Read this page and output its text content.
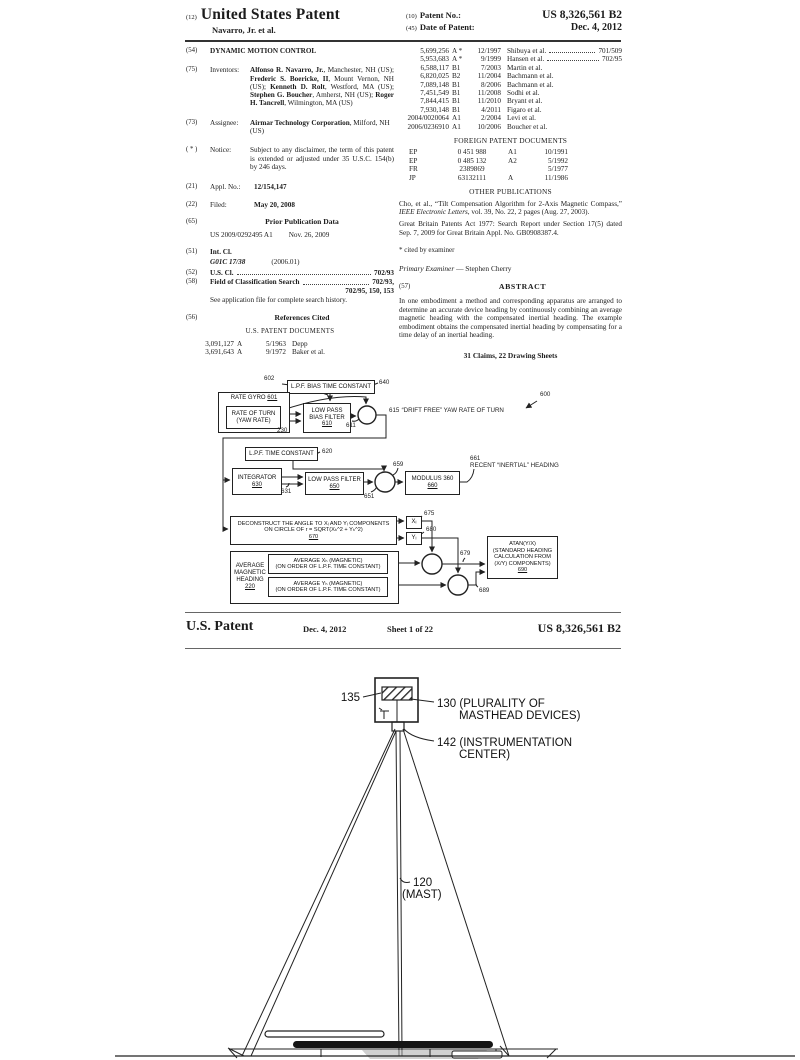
(12) United States Patent
Navarro, Jr. et al.
(10) Patent No.:	US 8,326,561 B2
(45) Date of Patent:	Dec. 4, 2012
(54)	DYNAMIC MOTION CONTROL
(75)	Inventors:	Alfonso R. Navarro, Jr., Manchester, NH (US); Frederic S. Boericke, II, Mount Vernon, NH (US); Kenneth D. Rolt, Westford, MA (US); Stephen G. Boucher, Amherst, NH (US); Roger H. Tancrell, Wilmington, MA (US)
(73)	Assignee:	Airmar Technology Corporation, Milford, NH (US)
( * )	Notice:	Subject to any disclaimer, the term of this patent is extended or adjusted under 35 U.S.C. 154(b) by 246 days.
(21)	Appl. No.:	12/154,147
(22)	Filed:	May 20, 2008
(65)	Prior Publication Data
US 2009/0292495 A1 Nov. 26, 2009
(51)	Int. Cl.
G01C 17/38	(2006.01)
(52)	U.S. Cl.	702/93
(58)	Field of Classification Search	702/93,
702/95, 150, 153
See application file for complete search history.
(56)	References Cited
U.S. PATENT DOCUMENTS
3,091,127 A	5/1963 Depp
3,691,643 A	9/1972 Baker et al.
5,699,256 A *	12/1997 Shibuya et al.	701/509
5,953,683 A *	9/1999 Hansen et al.	702/95
6,588,117 B1	7/2003 Martin et al.
6,820,025 B2	11/2004 Bachmann et al.
7,089,148 B1	8/2006 Bachmann et al.
7,451,549 B1	11/2008 Sodhi et al.
7,844,415 B1	11/2010 Bryant et al.
7,930,148 B1	4/2011 Figaro et al.
2004/0020064 A1	2/2004 Levi et al.
2006/0236910 A1	10/2006 Boucher et al.
FOREIGN PATENT DOCUMENTS
EP	0 451 988	A1	10/1991
EP	0 485 132	A2	5/1992
FR	2389869	5/1977
JP	63132111	A	11/1986
OTHER PUBLICATIONS
Cho, et al., “Tilt Compensation Algorithm for 2-Axis Magnetic Compass,” IEEE Electronic Letters, vol. 39, No. 22, 2 pages (Aug. 27, 2003).
Great Britain Patents Act 1977: Search Report under Section 17(5) dated Sep. 7, 2009 for Great Britain Appl. No. GB0908387.4.
* cited by examiner
Primary Examiner — Stephen Cherry
(57)	ABSTRACT
In one embodiment a method and corresponding apparatus are arranged to determine an accurate device heading by continuously combining an average magnetic heading with the compensated inertial heading. The example embodiment obtains the compensated inertial heading by compensating for a time delay of an inertial heading.
31 Claims, 22 Drawing Sheets
L.P.F. BIAS TIME CONSTANT
RATE GYRO 601
RATE OF TURN
(YAW RATE)
LOW PASS
BIAS FILTER
610
L.P.F. TIME CONSTANT
INTEGRATOR
630
LOW PASS FILTER
650
MODULUS 360
660
DECONSTRUCT THE ANGLE TO Xᵢ AND Yᵢ COMPONENTS
ON CIRCLE OF r = SQRT(Xₕ^2 + Yₕ^2)
670
Xᵢ
Yᵢ
AVERAGE
MAGNETIC
HEADING
220
AVERAGE Xₕ (MAGNETIC)
(ON ORDER OF L.P.F. TIME CONSTANT)
AVERAGE Yₕ (MAGNETIC)
(ON ORDER OF L.P.F. TIME CONSTANT)
ATAN(Y/X)
(STANDARD HEADING
CALCULATION FROM
(X/Y) COMPONENTS)
690
602
640
230
611
615  “DRIFT FREE” YAW RATE OF TURN
600
620
631
651
659
661
RECENT “INERTIAL” HEADING
675
680
679
689
U.S. Patent	Dec. 4, 2012	Sheet 1 of 22	US 8,326,561 B2
135	130 (PLURALITY OF
MASTHEAD DEVICES)
142 (INSTRUMENTATION
CENTER)
120
(MAST)
